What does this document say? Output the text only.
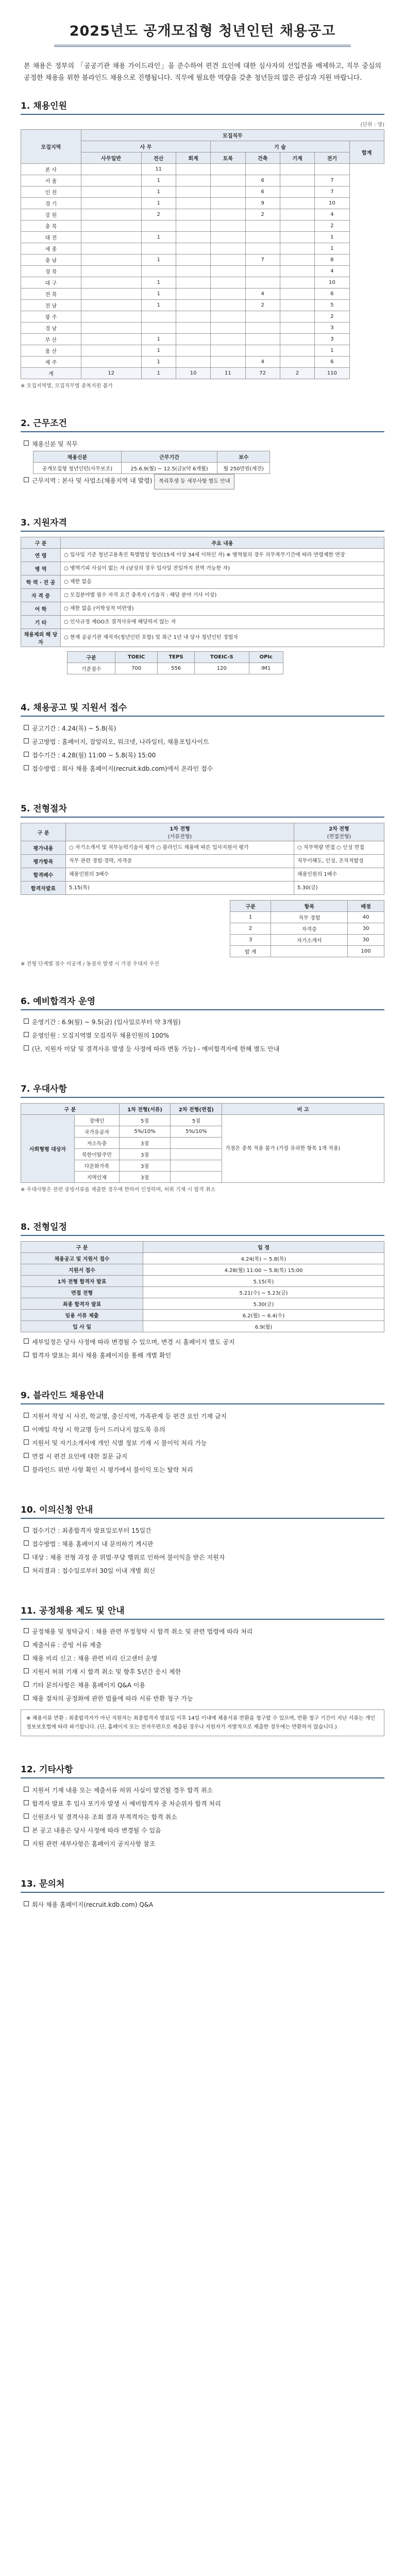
2025년도 공개모집형 청년인턴 채용공고
본 채용은 정부의 「공공기관 채용 가이드라인」을 준수하여 편견 요인에 대한 심사자의 선입견을 배제하고, 직무 중심의 공정한 채용을 위한 블라인드 채용으로 진행됩니다. 직무에 필요한 역량을 갖춘 청년들의 많은 관심과 지원 바랍니다.
1. 채용인원
(단위 : 명)
모집지역	모집직무							
	사 무			기 술				합계
	사무일반	전산	회계	토목	건축	기계	전기	
본 사		11						
서 울		1			6		7	
인 천		1			6		7	
경 기		1			9		10	
강 원		2			2		4	
충 북							2	
대 전		1					1	
세 종							1	
충 남		1			7		8	
경 북							4	
대 구		1					10	
전 북		1			4		6	
전 남		1			2		5	
광 주							2	
경 남							3	
부 산		1					3	
울 산		1					1	
제 주		1			4		6	
계	12	1	10	11	72	2	110	
※ 모집지역별, 모집직무별 중복지원 불가
2. 근무조건
채용신분 및 직무
채용신분	근무기간	보수
공개모집형 청년인턴(사무보조)	25.6.9(월) ~ 12.5(금)(약 6개월)	월 250만원(세전)
근무지역 : 본사 및 사업소(채용지역 내 발령) 복리후생 등 세부사항 별도 안내
3. 지원자격
구 분	주요 내용
연 령	○ 입사일 기준 청년고용촉진 특별법상 청년(15세 이상 34세 이하인 자) ※ 병역필의 경우 의무복무기간에 따라 연령제한 연장
병 역	○ 병역기피 사실이 없는 자 (남성의 경우 입사일 전일까지 전역 가능한 자)
학 력 · 전 공	○ 제한 없음
자 격 증	○ 모집분야별 필수 자격 요건 충족자 (기술직 : 해당 분야 기사 이상)
어 학	○ 제한 없음 (어학성적 미반영)
기 타	○ 인사규정 제OO조 결격사유에 해당하지 않는 자
채용제외 해 당 자	○ 현재 공공기관 재직자(청년인턴 포함) 및 최근 1년 내 당사 청년인턴 경험자
구분	TOEIC	TEPS	TOEIC-S	OPIc
기준점수	700	556	120	IM1
4. 채용공고 및 지원서 접수
공고기간 : 4.24(목) ~ 5.8(목)
공고방법 : 홈페이지, 잡알리오, 워크넷, 나라일터, 채용포털사이트
접수기간 : 4.28(월) 11:00 ~ 5.8(목) 15:00
접수방법 : 회사 채용 홈페이지(recruit.kdb.com)에서 온라인 접수
5. 전형절차
구 분	1차 전형
(서류전형)	2차 전형
(면접전형)
평가내용	○ 자기소개서 및 직무능력기술서 평가 ○ 블라인드 채용에 따른 입사지원서 평가	○ 직무역량 면접 ○ 인성 면접
평가항목	직무 관련 경험·경력, 자격증	직무이해도, 인성, 조직적합성
합격배수	채용인원의 3배수	채용인원의 1배수
합격자발표	5.15(목)	5.30(금)
구분	항목	배점
1	직무 경험	40
2	자격증	30
3	자기소개서	30
합 계		100
※ 전형 단계별 점수 미공개 / 동점자 발생 시 가점 우대자 우선
6. 예비합격자 운영
운영기간 : 6.9(월) ~ 9.5(금) (입사일로부터 약 3개월)
운영인원 : 모집지역별 모집직무 채용인원의 100%
(단, 지원자 미달 및 결격사유 발생 등 사정에 따라 변동 가능) - 예비합격자에 한해 별도 안내
7. 우대사항
구 분		1차 전형(서류)	2차 전형(면접)	비 고
사회형평 대상자	장애인	5점	5점	가점은 중복 적용 불가 (가장 유리한 항목 1개 적용)
	국가유공자	5%/10%	5%/10%	
	저소득층	3점		
	북한이탈주민	3점		
	다문화가족	3점		
	지역인재	3점		
※ 우대사항은 관련 증빙서류를 제출한 경우에 한하여 인정하며, 허위 기재 시 합격 취소
8. 전형일정
구 분	일 정
채용공고 및 지원서 접수	4.24(목) ~ 5.8(목)
지원서 접수	4.28(월) 11:00 ~ 5.8(목) 15:00
1차 전형 합격자 발표	5.15(목)
면접 전형	5.21(수) ~ 5.23(금)
최종 합격자 발표	5.30(금)
임용 서류 제출	6.2(월) ~ 6.4(수)
입 사 일	6.9(월)
세부일정은 당사 사정에 따라 변경될 수 있으며, 변경 시 홈페이지 별도 공지
합격자 발표는 회사 채용 홈페이지를 통해 개별 확인
9. 블라인드 채용안내
지원서 작성 시 사진, 학교명, 출신지역, 가족관계 등 편견 요인 기재 금지
이메일 작성 시 학교명 등이 드러나지 않도록 유의
지원서 및 자기소개서에 개인 식별 정보 기재 시 불이익 처리 가능
면접 시 편견 요인에 대한 질문 금지
블라인드 위반 사항 확인 시 평가에서 불이익 또는 탈락 처리
10. 이의신청 안내
접수기간 : 최종합격자 발표일로부터 15일간
접수방법 : 채용 홈페이지 내 문의하기 게시판
대상 : 채용 전형 과정 중 위법·부당 행위로 인하여 불이익을 받은 지원자
처리결과 : 접수일로부터 30일 이내 개별 회신
11. 공정채용 제도 및 안내
공정채용 및 청탁금지 : 채용 관련 부정청탁 시 합격 취소 및 관련 법령에 따라 처리
제출서류 : 증빙 서류 제출
채용 비리 신고 : 채용 관련 비리 신고센터 운영
지원서 허위 기재 시 합격 취소 및 향후 5년간 응시 제한
기타 문의사항은 채용 홈페이지 Q&A 이용
채용 절차의 공정화에 관한 법률에 따라 서류 반환 청구 가능
※ 채용서류 반환 : 최종합격자가 아닌 지원자는 최종합격자 발표일 이후 14일 이내에 채용서류 반환을 청구할 수 있으며, 반환 청구 기간이 지난 서류는 개인정보보호법에 따라 파기합니다. (단, 홈페이지 또는 전자우편으로 제출된 경우나 지원자가 자발적으로 제출한 경우에는 반환하지 않습니다.)
12. 기타사항
지원서 기재 내용 또는 제출서류 허위 사실이 발견될 경우 합격 취소
합격자 발표 후 입사 포기자 발생 시 예비합격자 중 차순위자 합격 처리
신원조사 및 결격사유 조회 결과 부적격자는 합격 취소
본 공고 내용은 당사 사정에 따라 변경될 수 있음
지원 관련 세부사항은 홈페이지 공지사항 참조
13. 문의처
회사 채용 홈페이지(recruit.kdb.com) Q&A
